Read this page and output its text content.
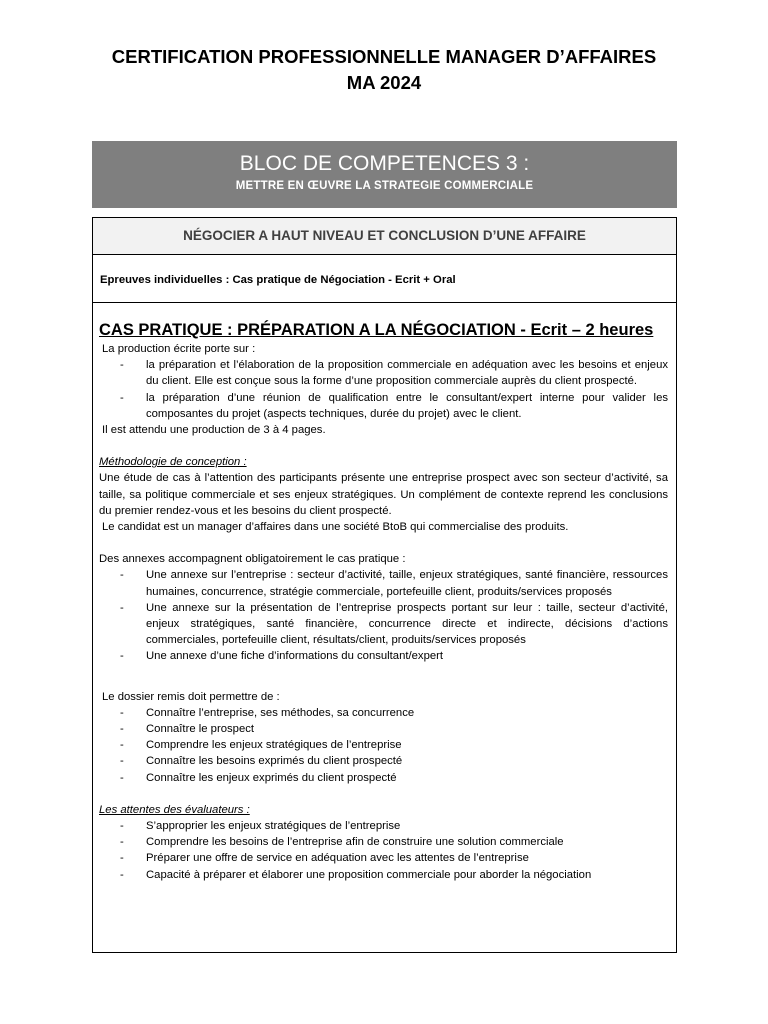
CERTIFICATION PROFESSIONNELLE MANAGER D’AFFAIRES
MA 2024
BLOC DE COMPETENCES 3 :
METTRE EN ŒUVRE LA STRATEGIE COMMERCIALE
NÉGOCIER A HAUT NIVEAU ET CONCLUSION D’UNE AFFAIRE
Epreuves individuelles : Cas pratique de Négociation - Ecrit + Oral
CAS PRATIQUE : PRÉPARATION A LA NÉGOCIATION - Ecrit – 2 heures
La production écrite porte sur :
- la préparation et l’élaboration de la proposition commerciale en adéquation avec les besoins et enjeux du client. Elle est conçue sous la forme d’une proposition commerciale auprès du client prospecté.
- la préparation d’une réunion de qualification entre le consultant/expert interne pour valider les composantes du projet (aspects techniques, durée du projet) avec le client.
Il est attendu une production de 3 à 4 pages.
Méthodologie de conception :
Une étude de cas à l’attention des participants présente une entreprise prospect avec son secteur d’activité, sa taille, sa politique commerciale et ses enjeux stratégiques. Un complément de contexte reprend les conclusions du premier rendez-vous et les besoins du client prospecté.
Le candidat est un manager d’affaires dans une société BtoB qui commercialise des produits.
Des annexes accompagnent obligatoirement le cas pratique :
- Une annexe sur l’entreprise : secteur d’activité, taille, enjeux stratégiques, santé financière, ressources humaines, concurrence, stratégie commerciale, portefeuille client, produits/services proposés
- Une annexe sur la présentation de l’entreprise prospects portant sur leur : taille, secteur d’activité, enjeux stratégiques, santé financière, concurrence directe et indirecte, décisions d’actions commerciales, portefeuille client, résultats/client, produits/services proposés
- Une annexe d’une fiche d’informations du consultant/expert
Le dossier remis doit permettre de :
- Connaître l’entreprise, ses méthodes, sa concurrence
- Connaître le prospect
- Comprendre les enjeux stratégiques de l’entreprise
- Connaître les besoins exprimés du client prospecté
- Connaître les enjeux exprimés du client prospecté
Les attentes des évaluateurs :
- S’approprier les enjeux stratégiques de l’entreprise
- Comprendre les besoins de l’entreprise afin de construire une solution commerciale
- Préparer une offre de service en adéquation avec les attentes de l’entreprise
- Capacité à préparer et élaborer une proposition commerciale pour aborder la négociation
